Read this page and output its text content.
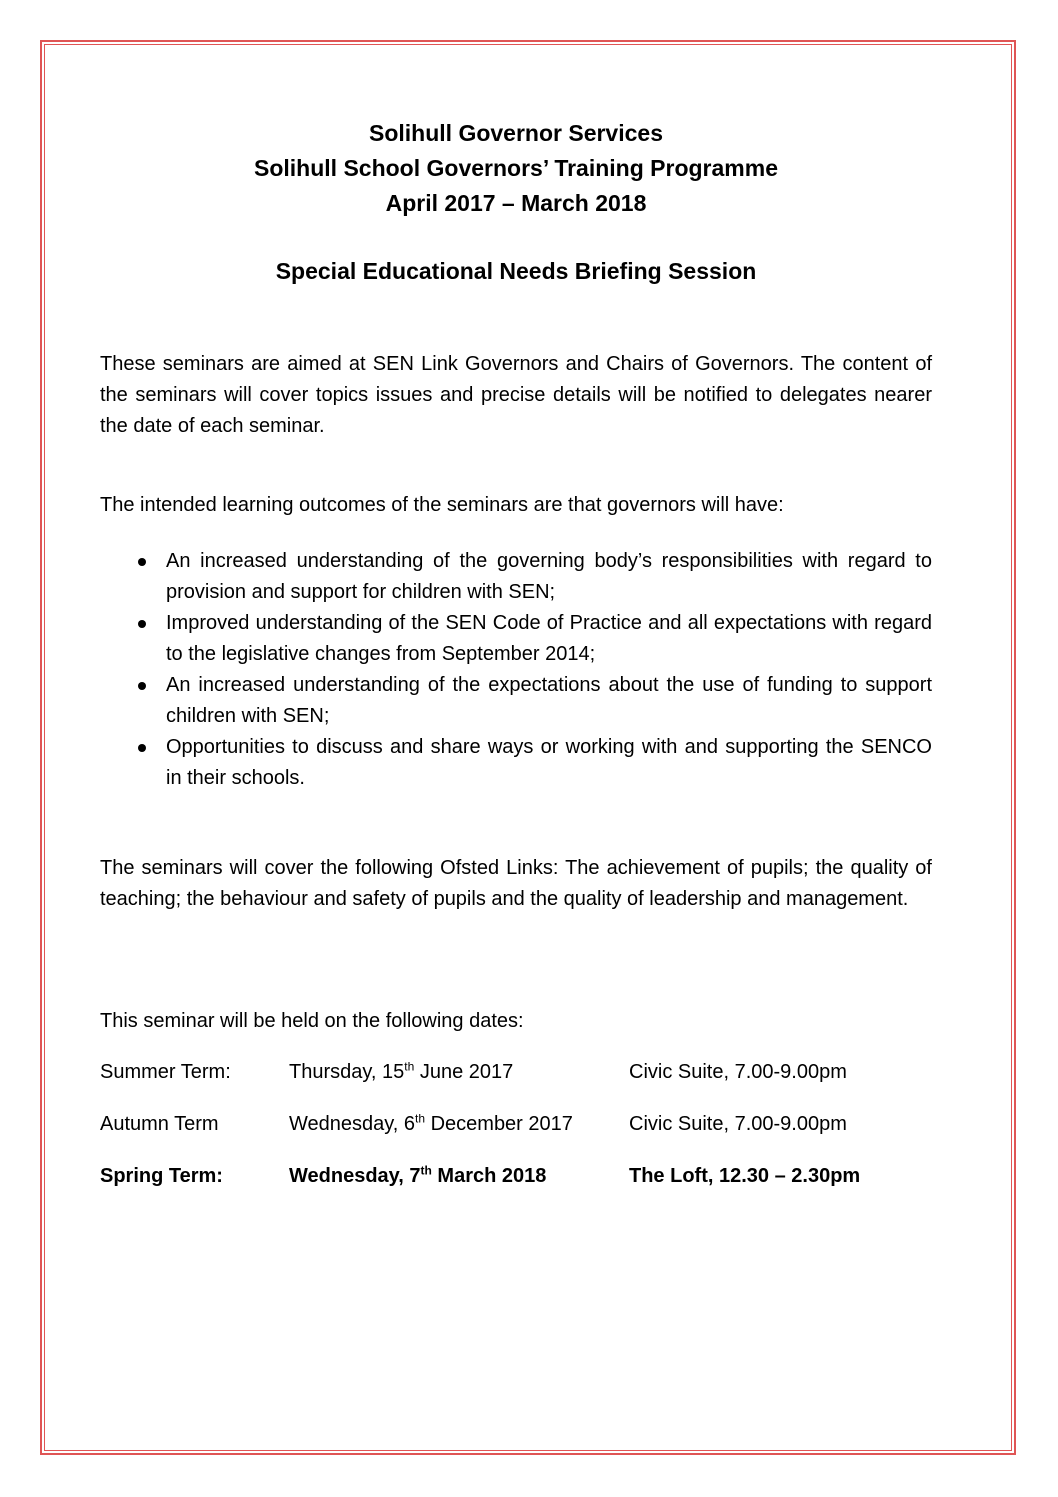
Solihull Governor Services
Solihull School Governors’ Training Programme
April 2017 – March 2018
Special Educational Needs Briefing Session
These seminars are aimed at SEN Link Governors and Chairs of Governors. The content of the seminars will cover topics issues and precise details will be notified to delegates nearer the date of each seminar.
The intended learning outcomes of the seminars are that governors will have:
An increased understanding of the governing body’s responsibilities with regard to provision and support for children with SEN;
Improved understanding of the SEN Code of Practice and all expectations with regard to the legislative changes from September 2014;
An increased understanding of the expectations about the use of funding to support children with SEN;
Opportunities to discuss and share ways or working with and supporting the SENCO in their schools.
The seminars will cover the following Ofsted Links: The achievement of pupils; the quality of teaching; the behaviour and safety of pupils and the quality of leadership and management.
This seminar will be held on the following dates:
Summer Term:	Thursday, 15th June 2017	Civic Suite, 7.00-9.00pm
Autumn Term	Wednesday, 6th December 2017	Civic Suite, 7.00-9.00pm
Spring Term:	Wednesday, 7th March 2018	The Loft, 12.30 – 2.30pm
